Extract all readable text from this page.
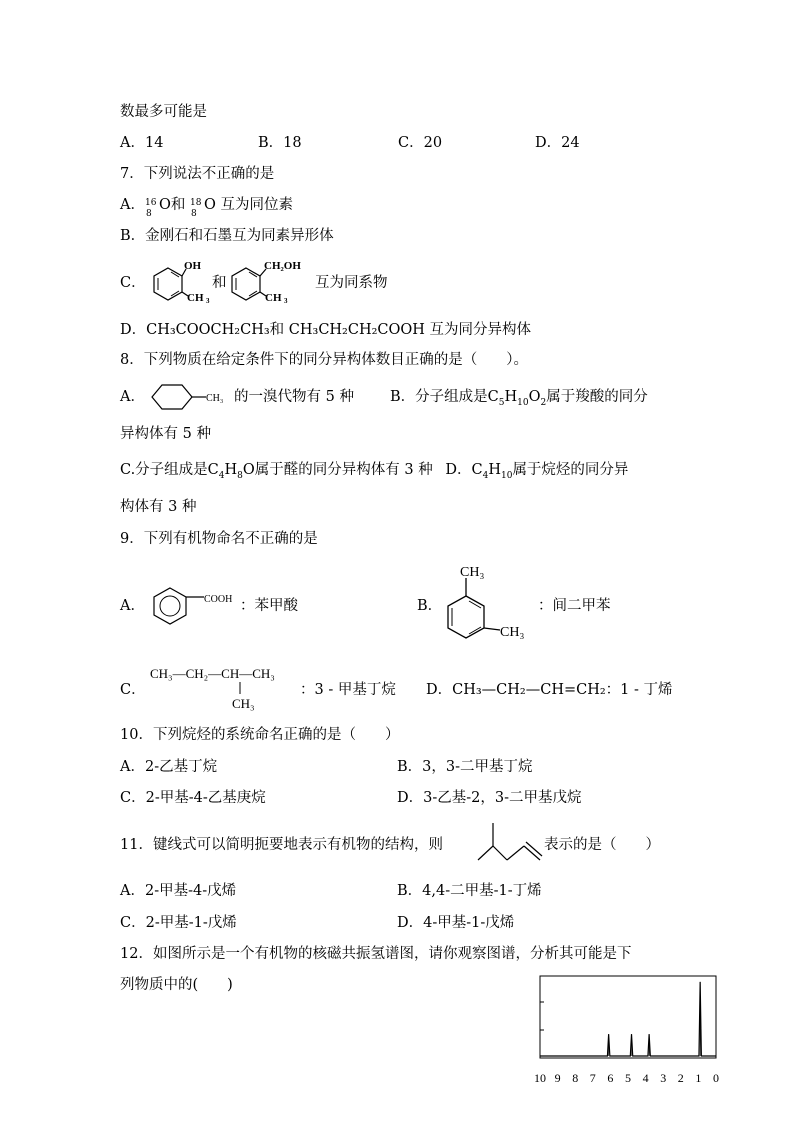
数最多可能是
A．14	B．18	C．20	D．24
7．下列说法不正确的是
A． 16
8
O和 18
8
O 互为同位素
B．金刚石和石墨互为同素异形体
C．
OH
CH 3
和
CH₂OH
CH 3
互为同系物
D．CH₃COOCH₂CH₃和 CH₃CH₂CH₂COOH 互为同分异构体
8．下列物质在给定条件下的同分异构体数目正确的是（　　）。
A．	CH₃ 的一溴代物有 5 种 B．分子组成是$C_5H_{10}O_2$属于羧酸的同分
异构体有 5 种
C.分子组成是$C_4H_8O$属于醛的同分异构体有 3 种 D．$C_4H_{10}$属于烷烃的同分异
构体有 3 种
9．下列有机物命名不正确的是
A．	COOH ：苯甲酸	B．
CH₃
CH₃
：间二甲苯
C．
CH₃—CH₂—CH—CH₃
CH₃
：3 - 甲基丁烷 D．CH₃—CH₂—CH=CH₂：1 - 丁烯
10．下列烷烃的系统命名正确的是（　　）
A．2-乙基丁烷	B．3，3-二甲基丁烷
C．2-甲基-4-乙基庚烷	D．3-乙基-2，3-二甲基戊烷
11．键线式可以简明扼要地表示有机物的结构，则	表示的是（　　）
A．2-甲基-4-戊烯	B．4,4-二甲基-1-丁烯
C．2-甲基-1-戊烯	D．4-甲基-1-戊烯
12．如图所示是一个有机物的核磁共振氢谱图，请你观察图谱，分析其可能是下
列物质中的(　　)
10 9 8 7 6 5 4 3 2 1 0
